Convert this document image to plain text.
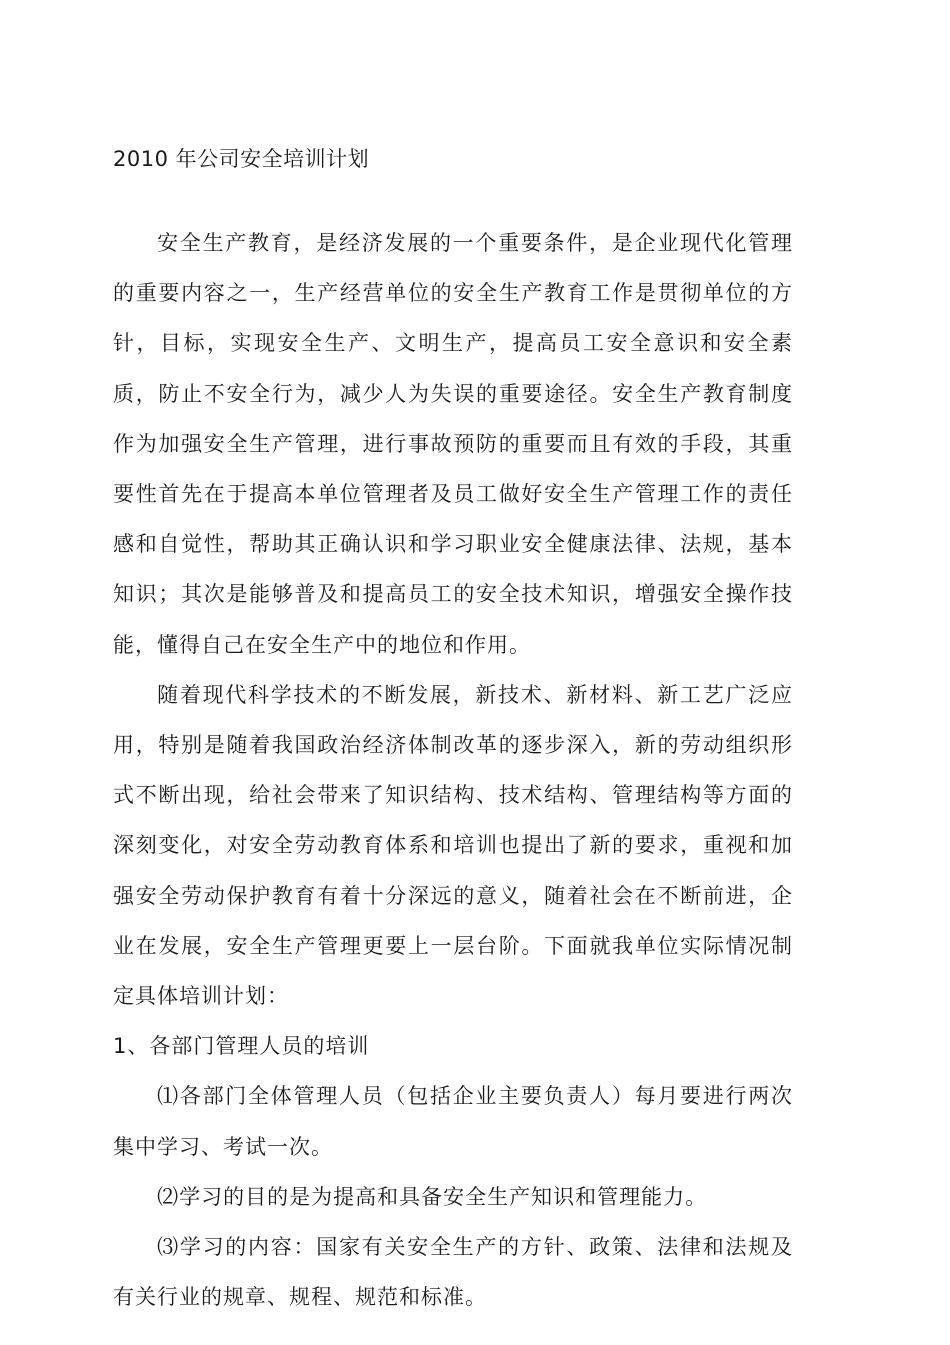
2010 年公司安全培训计划

安全生产教育，是经济发展的一个重要条件，是企业现代化管理的重要内容之一，生产经营单位的安全生产教育工作是贯彻单位的方针，目标，实现安全生产、文明生产，提高员工安全意识和安全素质，防止不安全行为，减少人为失误的重要途径。安全生产教育制度作为加强安全生产管理，进行事故预防的重要而且有效的手段，其重要性首先在于提高本单位管理者及员工做好安全生产管理工作的责任感和自觉性，帮助其正确认识和学习职业安全健康法律、法规，基本知识；其次是能够普及和提高员工的安全技术知识，增强安全操作技能，懂得自己在安全生产中的地位和作用。

随着现代科学技术的不断发展，新技术、新材料、新工艺广泛应用，特别是随着我国政治经济体制改革的逐步深入，新的劳动组织形式不断出现，给社会带来了知识结构、技术结构、管理结构等方面的深刻变化，对安全劳动教育体系和培训也提出了新的要求，重视和加强安全劳动保护教育有着十分深远的意义，随着社会在不断前进，企业在发展，安全生产管理更要上一层台阶。下面就我单位实际情况制定具体培训计划：

1、各部门管理人员的培训

⑴各部门全体管理人员（包括企业主要负责人）每月要进行两次集中学习、考试一次。

⑵学习的目的是为提高和具备安全生产知识和管理能力。

⑶学习的内容：国家有关安全生产的方针、政策、法律和法规及有关行业的规章、规程、规范和标准。
